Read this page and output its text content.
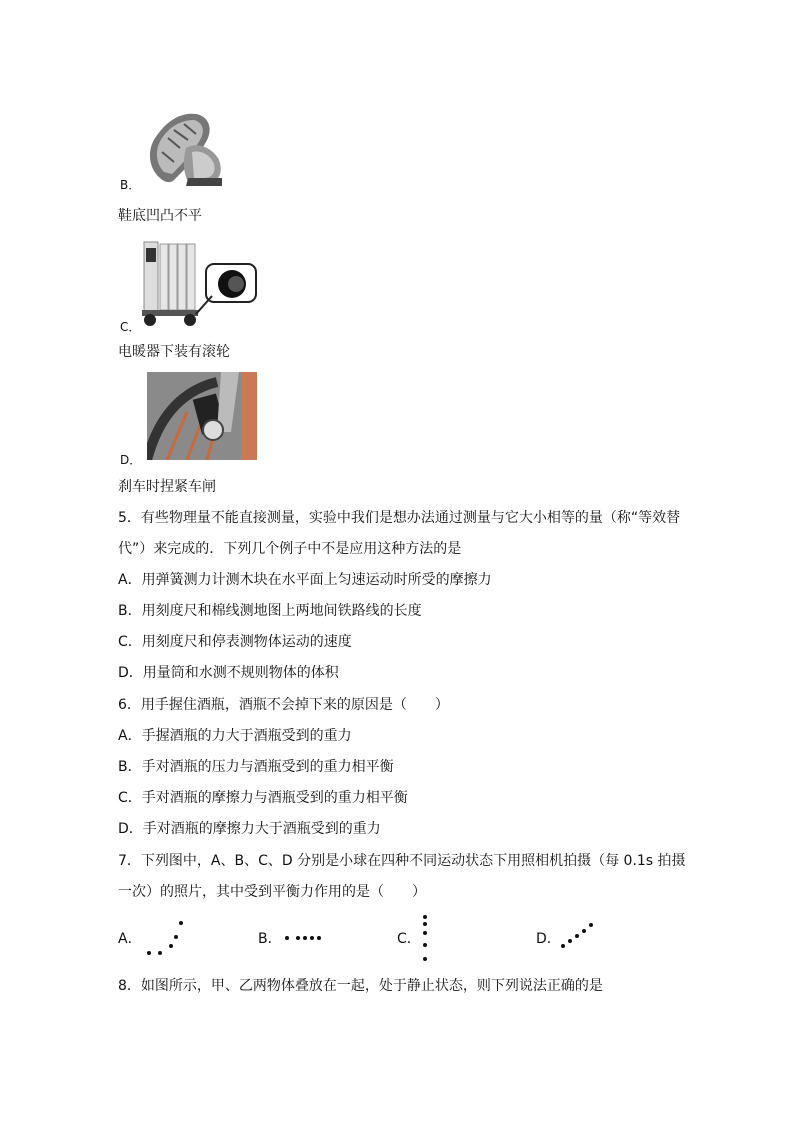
B．
鞋底凹凸不平
C．
电暖器下装有滚轮
D．
刹车时捏紧车闸
5．有些物理量不能直接测量，实验中我们是想办法通过测量与它大小相等的量（称“等效替
代”）来完成的．下列几个例子中不是应用这种方法的是
A．用弹簧测力计测木块在水平面上匀速运动时所受的摩擦力
B．用刻度尺和棉线测地图上两地间铁路线的长度
C．用刻度尺和停表测物体运动的速度
D．用量筒和水测不规则物体的体积
6．用手握住酒瓶，酒瓶不会掉下来的原因是（　　）
A．手握酒瓶的力大于酒瓶受到的重力
B．手对酒瓶的压力与酒瓶受到的重力相平衡
C．手对酒瓶的摩擦力与酒瓶受到的重力相平衡
D．手对酒瓶的摩擦力大于酒瓶受到的重力
7．下列图中，A、B、C、D 分别是小球在四种不同运动状态下用照相机拍摄（每 0.1s 拍摄
一次）的照片，其中受到平衡力作用的是（　　）
A．	B．	C．	D．
8．如图所示，甲、乙两物体叠放在一起，处于静止状态，则下列说法正确的是
